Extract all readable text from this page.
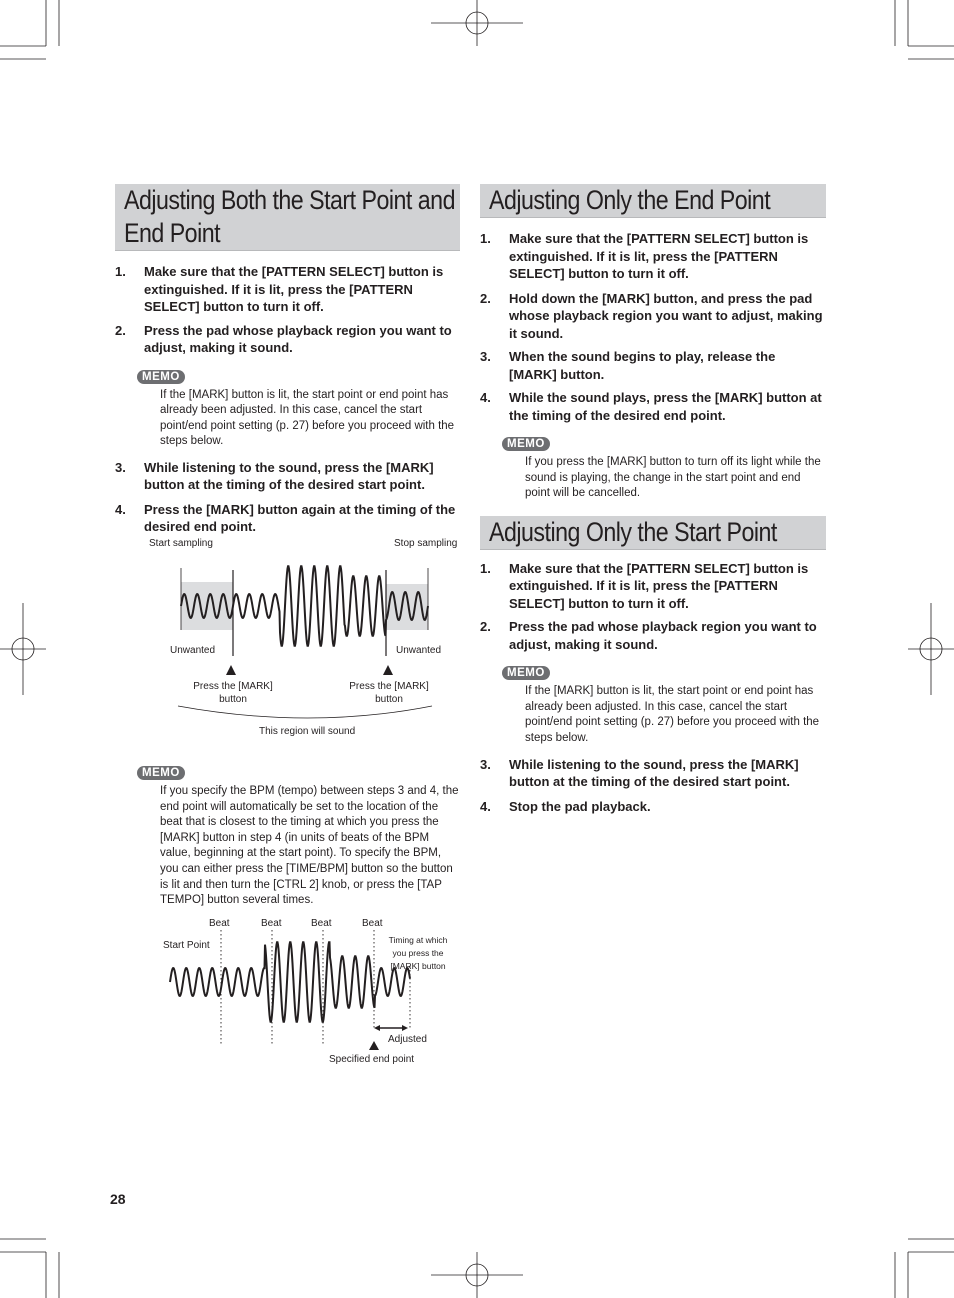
Adjusting Both the Start Point and
End Point
1. Make sure that the [PATTERN SELECT] button is extinguished. If it is lit, press the [PATTERN SELECT] button to turn it off.
2. Press the pad whose playback region you want to adjust, making it sound.
MEMO
If the [MARK] button is lit, the start point or end point has already been adjusted. In this case, cancel the start point/end point setting (p. 27) before you proceed with the steps below.
3. While listening to the sound, press the [MARK] button at the timing of the desired start point.
4. Press the [MARK] button again at the timing of the desired end point.
Start sampling	Stop sampling
Unwanted	Unwanted
Press the [MARK]
button
Press the [MARK]
button
This region will sound
MEMO
If you specify the BPM (tempo) between steps 3 and 4, the end point will automatically be set to the location of the beat that is closest to the timing at which you press the [MARK] button in step 4 (in units of beats of the BPM value, beginning at the start point). To specify the BPM, you can either press the [TIME/BPM] button so the button is lit and then turn the [CTRL 2] knob, or press the [TAP TEMPO] button several times.
Beat	Beat	Beat	Beat
Start Point	Timing at which
you press the
[MARK] button
Adjusted
Specified end point
Adjusting Only the End Point
1. Make sure that the [PATTERN SELECT] button is extinguished. If it is lit, press the [PATTERN SELECT] button to turn it off.
2. Hold down the [MARK] button, and press the pad whose playback region you want to adjust, making it sound.
3. When the sound begins to play, release the [MARK] button.
4. While the sound plays, press the [MARK] button at the timing of the desired end point.
MEMO
If you press the [MARK] button to turn off its light while the sound is playing, the change in the start point and end point will be cancelled.
Adjusting Only the Start Point
1. Make sure that the [PATTERN SELECT] button is extinguished. If it is lit, press the [PATTERN SELECT] button to turn it off.
2. Press the pad whose playback region you want to adjust, making it sound.
MEMO
If the [MARK] button is lit, the start point or end point has already been adjusted. In this case, cancel the start point/end point setting (p. 27) before you proceed with the steps below.
3. While listening to the sound, press the [MARK] button at the timing of the desired start point.
4. Stop the pad playback.
28
